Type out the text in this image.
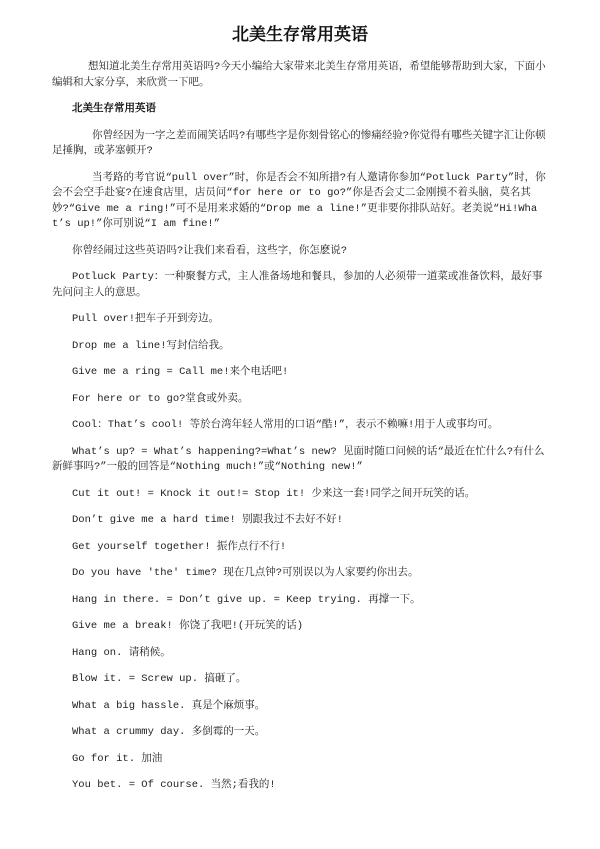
北美生存常用英语

想知道北美生存常用英语吗?今天小编给大家带来北美生存常用英语，希望能够帮助到大家，下面小编辑和大家分享，来欣赏一下吧。

北美生存常用英语

你曾经因为一字之差而闹笑话吗?有哪些字是你刻骨铭心的惨痛经验?你觉得有哪些关键字汇让你顿足捶胸，或茅塞顿开?

当考路的考官说“pull over”时，你是否会不知所措?有人邀请你参加“Potluck Party”时，你会不会空手赴宴?在速食店里，店员问“for here or to go?”你是否会丈二金刚摸不着头脑，莫名其妙?“Give me a ring!”可不是用来求婚的“Drop me a line!”更非要你排队站好。老美说“Hi!What’s up!”你可别说“I am fine!”

你曾经闹过这些英语吗?让我们来看看，这些字，你怎麽说?

Potluck Party：一种聚餐方式，主人准备场地和餐具，参加的人必须带一道菜或准备饮料，最好事先问问主人的意思。

Pull over!把车子开到旁边。

Drop me a line!写封信给我。

Give me a ring = Call me!来个电话吧!

For here or to go?堂食或外卖。

Cool：That’s cool! 等於台湾年轻人常用的口语“酷!”，表示不赖嘛!用于人或事均可。

What’s up? = What’s happening?=What’s new? 见面时随口问候的话“最近在忙什么?有什么新鲜事吗?”一般的回答是“Nothing much!”或“Nothing new!”

Cut it out! = Knock it out!= Stop it! 少来这一套!同学之间开玩笑的话。

Don’t give me a hard time! 别跟我过不去好不好!

Get yourself together! 振作点行不行!

Do you have 'the' time? 现在几点钟?可别误以为人家要约你出去。

Hang in there. = Don’t give up. = Keep trying. 再撑一下。

Give me a break! 你饶了我吧!(开玩笑的话)

Hang on. 请稍候。

Blow it. = Screw up. 搞砸了。

What a big hassle. 真是个麻烦事。

What a crummy day. 多倒霉的一天。

Go for it. 加油

You bet. = Of course. 当然;看我的!
